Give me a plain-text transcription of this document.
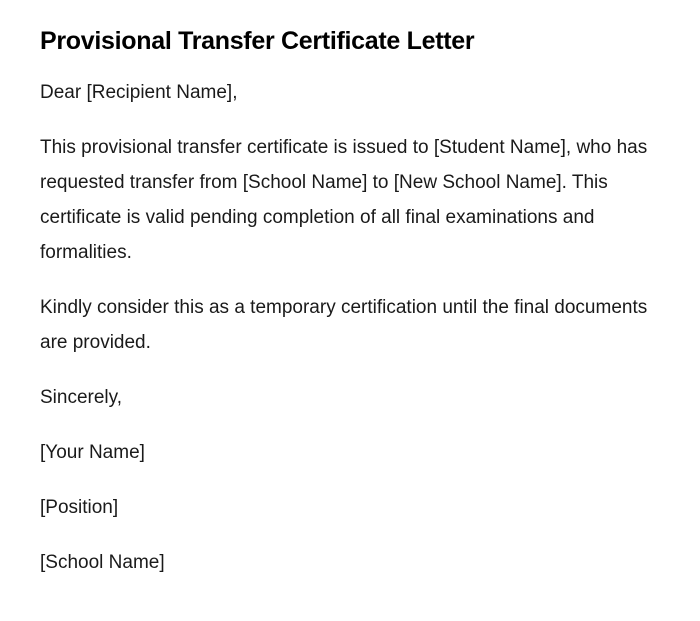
Provisional Transfer Certificate Letter

Dear [Recipient Name],

This provisional transfer certificate is issued to [Student Name], who has requested transfer from [School Name] to [New School Name]. This certificate is valid pending completion of all final examinations and formalities.

Kindly consider this as a temporary certification until the final documents are provided.

Sincerely,

[Your Name]

[Position]

[School Name]
